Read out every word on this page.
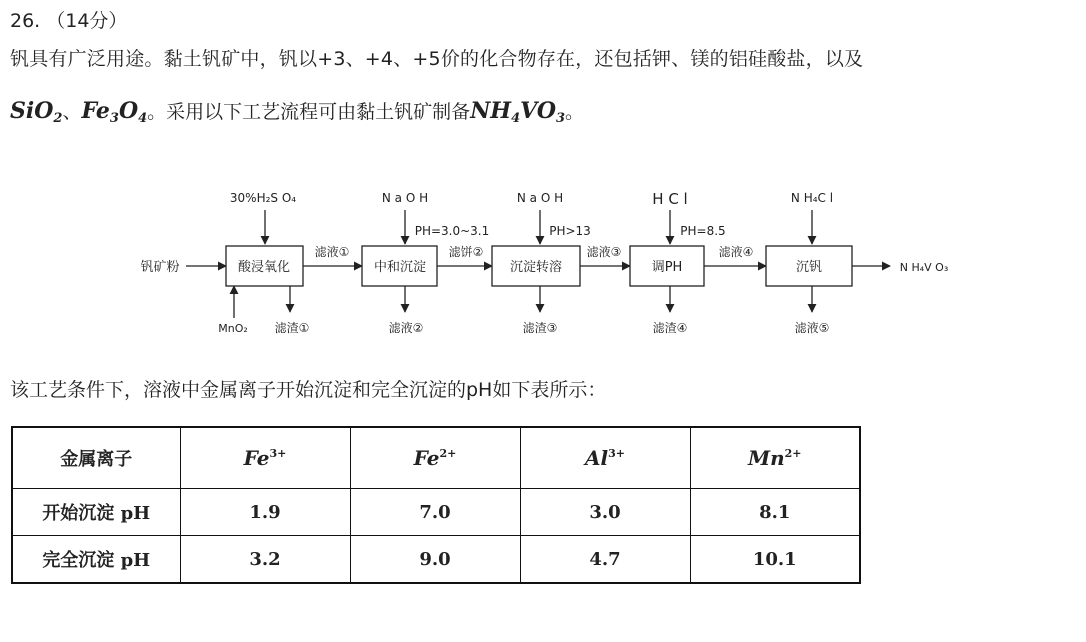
26. （14分）
钒具有广泛用途。黏土钒矿中，钒以+3、+4、+5价的化合物存在，还包括钾、镁的铝硅酸盐，以及
SiO$_2$、$Fe_3O_4$。采用以下工艺流程可由黏土钒矿制备$NH_4VO_3$。
钒矿粉	酸浸氧化	中和沉淀	沉淀转溶	调PH	沉钒
30%H₂S O₄	N a O H	N a O H	H C l	N H₄C l
PH=3.0~3.1	PH>13	PH=8.5
滤液①	滤饼②	滤液③	滤液④
MnO₂ 滤渣①	滤液②	滤渣③	滤渣④	滤液⑤
N H₄V O₃
该工艺条件下，溶液中金属离子开始沉淀和完全沉淀的pH如下表所示：
金属离子	$Fe^{3+}$	$Fe^{2+}$	$Al^{3+}$	$Mn^{2+}$
开始沉淀 pH	1.9	7.0	3.0	8.1
完全沉淀 pH	3.2	9.0	4.7	10.1
